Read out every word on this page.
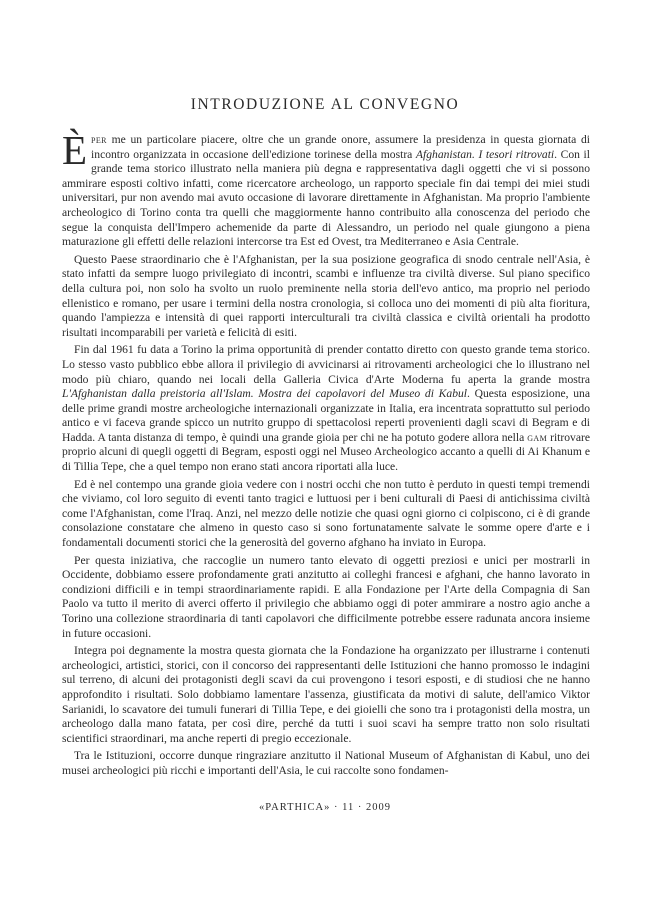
INTRODUZIONE AL CONVEGNO

Èper me un particolare piacere, oltre che un grande onore, assumere la presidenza in questa giornata di incontro organizzata in occasione dell'edizione torinese della mostra Afghanistan. I tesori ritrovati. Con il grande tema storico illustrato nella maniera più degna e rappresentativa dagli oggetti che vi si possono ammirare esposti coltivo infatti, come ricercatore archeologo, un rapporto speciale fin dai tempi dei miei studi universitari, pur non avendo mai avuto occasione di lavorare direttamente in Afghanistan. Ma proprio l'ambiente archeologico di Torino conta tra quelli che maggiormente hanno contribuito alla conoscenza del periodo che segue la conquista dell'Impero achemenide da parte di Alessandro, un periodo nel quale giungono a piena maturazione gli effetti delle relazioni intercorse tra Est ed Ovest, tra Mediterraneo e Asia Centrale.

Questo Paese straordinario che è l'Afghanistan, per la sua posizione geografica di snodo centrale nell'Asia, è stato infatti da sempre luogo privilegiato di incontri, scambi e influenze tra civiltà diverse. Sul piano specifico della cultura poi, non solo ha svolto un ruolo preminente nella storia dell'evo antico, ma proprio nel periodo ellenistico e romano, per usare i termini della nostra cronologia, si colloca uno dei momenti di più alta fioritura, quando l'ampiezza e intensità di quei rapporti interculturali tra civiltà classica e civiltà orientali ha prodotto risultati incomparabili per varietà e felicità di esiti.

Fin dal 1961 fu data a Torino la prima opportunità di prender contatto diretto con questo grande tema storico. Lo stesso vasto pubblico ebbe allora il privilegio di avvicinarsi ai ritrovamenti archeologici che lo illustrano nel modo più chiaro, quando nei locali della Galleria Civica d'Arte Moderna fu aperta la grande mostra L'Afghanistan dalla preistoria all'Islam. Mostra dei capolavori del Museo di Kabul. Questa esposizione, una delle prime grandi mostre archeologiche internazionali organizzate in Italia, era incentrata soprattutto sul periodo antico e vi faceva grande spicco un nutrito gruppo di spettacolosi reperti provenienti dagli scavi di Begram e di Hadda. A tanta distanza di tempo, è quindi una grande gioia per chi ne ha potuto godere allora nella gam ritrovare proprio alcuni di quegli oggetti di Begram, esposti oggi nel Museo Archeologico accanto a quelli di Ai Khanum e di Tillia Tepe, che a quel tempo non erano stati ancora riportati alla luce.

Ed è nel contempo una grande gioia vedere con i nostri occhi che non tutto è perduto in questi tempi tremendi che viviamo, col loro seguito di eventi tanto tragici e luttuosi per i beni culturali di Paesi di antichissima civiltà come l'Afghanistan, come l'Iraq. Anzi, nel mezzo delle notizie che quasi ogni giorno ci colpiscono, ci è di grande consolazione constatare che almeno in questo caso si sono fortunatamente salvate le somme opere d'arte e i fondamentali documenti storici che la generosità del governo afghano ha inviato in Europa.

Per questa iniziativa, che raccoglie un numero tanto elevato di oggetti preziosi e unici per mostrarli in Occidente, dobbiamo essere profondamente grati anzitutto ai colleghi francesi e afghani, che hanno lavorato in condizioni difficili e in tempi straordinariamente rapidi. E alla Fondazione per l'Arte della Compagnia di San Paolo va tutto il merito di averci offerto il privilegio che abbiamo oggi di poter ammirare a nostro agio anche a Torino una collezione straordinaria di tanti capolavori che difficilmente potrebbe essere radunata ancora insieme in future occasioni.

Integra poi degnamente la mostra questa giornata che la Fondazione ha organizzato per illustrarne i contenuti archeologici, artistici, storici, con il concorso dei rappresentanti delle Istituzioni che hanno promosso le indagini sul terreno, di alcuni dei protagonisti degli scavi da cui provengono i tesori esposti, e di studiosi che ne hanno approfondito i risultati. Solo dobbiamo lamentare l'assenza, giustificata da motivi di salute, dell'amico Viktor Sarianidi, lo scavatore dei tumuli funerari di Tillia Tepe, e dei gioielli che sono tra i protagonisti della mostra, un archeologo dalla mano fatata, per così dire, perché da tutti i suoi scavi ha sempre tratto non solo risultati scientifici straordinari, ma anche reperti di pregio eccezionale.

Tra le Istituzioni, occorre dunque ringraziare anzitutto il National Museum of Afghanistan di Kabul, uno dei musei archeologici più ricchi e importanti dell'Asia, le cui raccolte sono fondamen-

«PARTHICA» · 11 · 2009
